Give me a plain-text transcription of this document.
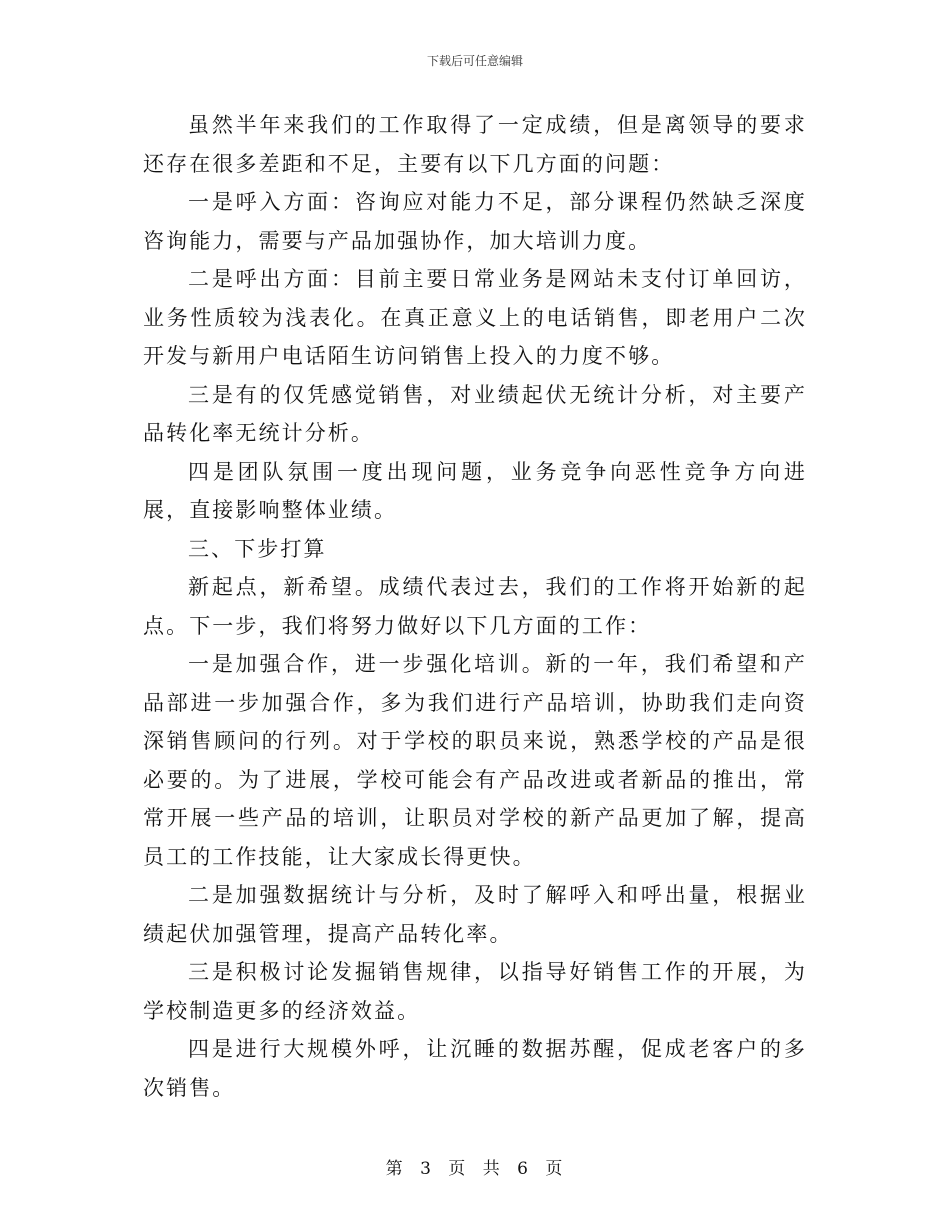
下载后可任意编辑

虽然半年来我们的工作取得了一定成绩，但是离领导的要求还存在很多差距和不足，主要有以下几方面的问题：

一是呼入方面：咨询应对能力不足，部分课程仍然缺乏深度咨询能力，需要与产品加强协作，加大培训力度。

二是呼出方面：目前主要日常业务是网站未支付订单回访，业务性质较为浅表化。在真正意义上的电话销售，即老用户二次开发与新用户电话陌生访问销售上投入的力度不够。

三是有的仅凭感觉销售，对业绩起伏无统计分析，对主要产品转化率无统计分析。

四是团队氛围一度出现问题，业务竞争向恶性竞争方向进展，直接影响整体业绩。

三、下步打算

新起点，新希望。成绩代表过去，我们的工作将开始新的起点。下一步，我们将努力做好以下几方面的工作：

一是加强合作，进一步强化培训。新的一年，我们希望和产品部进一步加强合作，多为我们进行产品培训，协助我们走向资深销售顾问的行列。对于学校的职员来说，熟悉学校的产品是很必要的。为了进展，学校可能会有产品改进或者新品的推出，常常开展一些产品的培训，让职员对学校的新产品更加了解，提高员工的工作技能，让大家成长得更快。

二是加强数据统计与分析，及时了解呼入和呼出量，根据业绩起伏加强管理，提高产品转化率。

三是积极讨论发掘销售规律，以指导好销售工作的开展，为学校制造更多的经济效益。

四是进行大规模外呼，让沉睡的数据苏醒，促成老客户的多次销售。

第 3 页 共 6 页
